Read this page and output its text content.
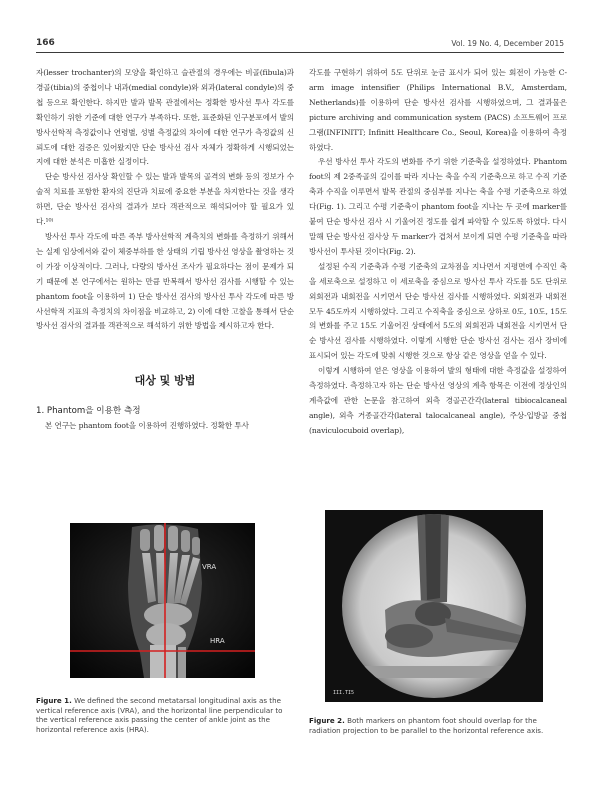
166	Vol. 19 No. 4, December 2015

자(lesser trochanter)의 모양을 확인하고 슬관절의 경우에는 비골(fibula)과 경골(tibia)의 중첩이나 내과(medial condyle)와 외과(lateral condyle)의 중첩 등으로 확인한다. 하지만 발과 발목 관절에서는 정확한 방사선 투사 각도를 확인하기 위한 기준에 대한 연구가 부족하다. 또한, 표준화된 인구분포에서 발의 방사선학적 측정값이나 연령별, 성별 측정값의 차이에 대한 연구가 측정값의 신뢰도에 대한 검증은 있어왔지만 단순 방사선 검사 자체가 정확하게 시행되었는지에 대한 분석은 미흡한 실정이다.

단순 방사선 검사상 확인할 수 있는 발과 발목의 골격의 변화 등의 정보가 수술적 치료를 포함한 환자의 진단과 치료에 중요한 부분을 차지한다는 것을 생각하면, 단순 방사선 검사의 결과가 보다 객관적으로 해석되어야 할 필요가 있다.¹⁰⁾

방사선 투사 각도에 따른 족부 방사선학적 계측치의 변화를 측정하기 위해서는 실제 임상에서와 같이 체중부하를 한 상태의 기립 방사선 영상을 촬영하는 것이 가장 이상적이다. 그러나, 다량의 방사선 조사가 필요하다는 점이 문제가 되기 때문에 본 연구에서는 원하는 만큼 반복해서 방사선 검사를 시행할 수 있는 phantom foot을 이용하여 1) 단순 방사선 검사의 방사선 투사 각도에 따른 방사선학적 지표의 측정치의 차이점을 비교하고, 2) 이에 대한 고찰을 통해서 단순 방사선 검사의 결과를 객관적으로 해석하기 위한 방법을 제시하고자 한다.

대상 및 방법
1. Phantom을 이용한 측정

본 연구는 phantom foot을 이용하여 진행하였다. 정확한 투사

각도를 구현하기 위하여 5도 단위로 눈금 표시가 되어 있는 회전이 가능한 C-arm image intensifier (Philips International B.V., Amsterdam, Netherlands)를 이용하여 단순 방사선 검사를 시행하였으며, 그 결과물은 picture archiving and communication system (PACS) 소프트웨어 프로그램(INFINITT; Infinitt Healthcare Co., Seoul, Korea)을 이용하여 측정하였다.

우선 방사선 투사 각도의 변화를 주기 위한 기준축을 설정하였다. Phantom foot의 제 2중족골의 길이를 따라 지나는 축을 수직 기준축으로 하고 수직 기준축과 수직을 이루면서 발목 관절의 중심부를 지나는 축을 수평 기준축으로 하였다(Fig. 1). 그리고 수평 기준축이 phantom foot을 지나는 두 곳에 marker를 붙여 단순 방사선 검사 시 기울어진 정도를 쉽게 파악할 수 있도록 하였다. 다시 말해 단순 방사선 검사상 두 marker가 겹쳐서 보이게 되면 수평 기준축을 따라 방사선이 투사된 것이다(Fig. 2).

설정된 수직 기준축과 수평 기준축의 교차점을 지나면서 지평면에 수직인 축을 세로축으로 설정하고 이 세로축을 중심으로 방사선 투사 각도를 5도 단위로 외회전과 내회전을 시키면서 단순 방사선 검사를 시행하였다. 외회전과 내회전 모두 45도까지 시행하였다. 그리고 수직축을 중심으로 상하로 0도, 10도, 15도의 변화를 주고 15도 기울어진 상태에서 5도의 외회전과 내회전을 시키면서 단순 방사선 검사를 시행하였다. 이렇게 시행한 단순 방사선 검사는 검사 장비에 표시되어 있는 각도에 맞춰 시행한 것으로 항상 같은 영상을 얻을 수 있다.

이렇게 시행하여 얻은 영상을 이용하여 발의 형태에 대한 측정값을 설정하여 측정하였다. 측정하고자 하는 단순 방사선 영상의 계측 항목은 이전에 정상인의 계측값에 관한 논문을 참고하여 외측 경골곤간각(lateral tibiocalcaneal angle), 외측 거종골간각(lateral talocalcaneal angle), 주상-입방골 중첩(naviculocuboid overlap),

VRA
HRA
III.TI5

Figure 1. We defined the second metatarsal longitudinal axis as the vertical reference axis (VRA), and the horizontal line perpendicular to the vertical reference axis passing the center of ankle joint as the horizontal reference axis (HRA).

Figure 2. Both markers on phantom foot should overlap for the radiation projection to be parallel to the horizontal reference axis.
